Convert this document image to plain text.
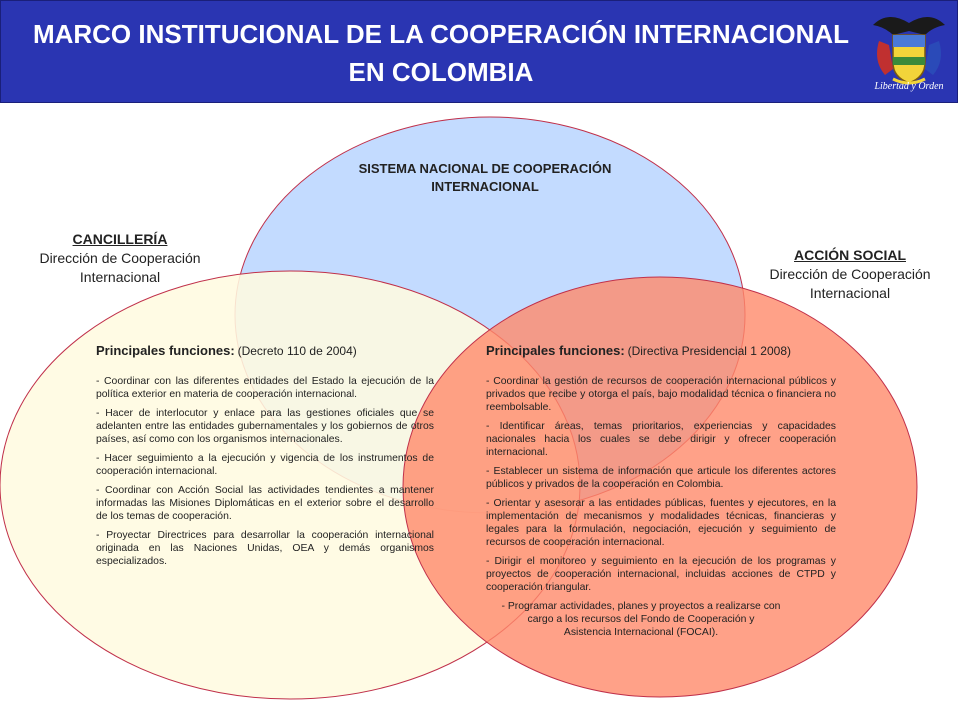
MARCO INSTITUCIONAL DE LA COOPERACIÓN INTERNACIONAL
EN COLOMBIA	Libertad y Orden
SISTEMA NACIONAL DE COOPERACIÓN
INTERNACIONAL
CANCILLERÍA
Dirección de Cooperación
Internacional
ACCIÓN SOCIAL
Dirección de Cooperación
Internacional

Principales funciones: (Decreto 110 de 2004)

- Coordinar con las diferentes entidades del Estado la ejecución de la política exterior en materia de cooperación internacional.

- Hacer de interlocutor y enlace para las gestiones oficiales que se adelanten entre las entidades gubernamentales y los gobiernos de otros países, así como con los organismos internacionales.

- Hacer seguimiento a la ejecución y vigencia de los instrumentos de cooperación internacional.

- Coordinar con Acción Social las actividades tendientes a mantener informadas las Misiones Diplomáticas en el exterior sobre el desarrollo de los temas de cooperación.

- Proyectar Directrices para desarrollar la cooperación internacional originada en las Naciones Unidas, OEA y demás organismos especializados.

Principales funciones: (Directiva Presidencial 1 2008)

- Coordinar la gestión de recursos de cooperación internacional públicos y privados que recibe y otorga el país, bajo modalidad técnica o financiera no reembolsable.

- Identificar áreas, temas prioritarios, experiencias y capacidades nacionales hacia los cuales se debe dirigir y ofrecer cooperación internacional.

- Establecer un sistema de información que articule los diferentes actores públicos y privados de la cooperación en Colombia.

- Orientar y asesorar a las entidades públicas, fuentes y ejecutores, en la implementación de mecanismos y modalidades técnicas, financieras y legales para la formulación, negociación, ejecución y seguimiento de recursos de cooperación internacional.

- Dirigir el monitoreo y seguimiento en la ejecución de los programas y proyectos de cooperación internacional, incluidas acciones de CTPD y cooperación triangular.

- Programar actividades, planes y proyectos a realizarse con
cargo a los recursos del Fondo de Cooperación y
Asistencia Internacional (FOCAI).
